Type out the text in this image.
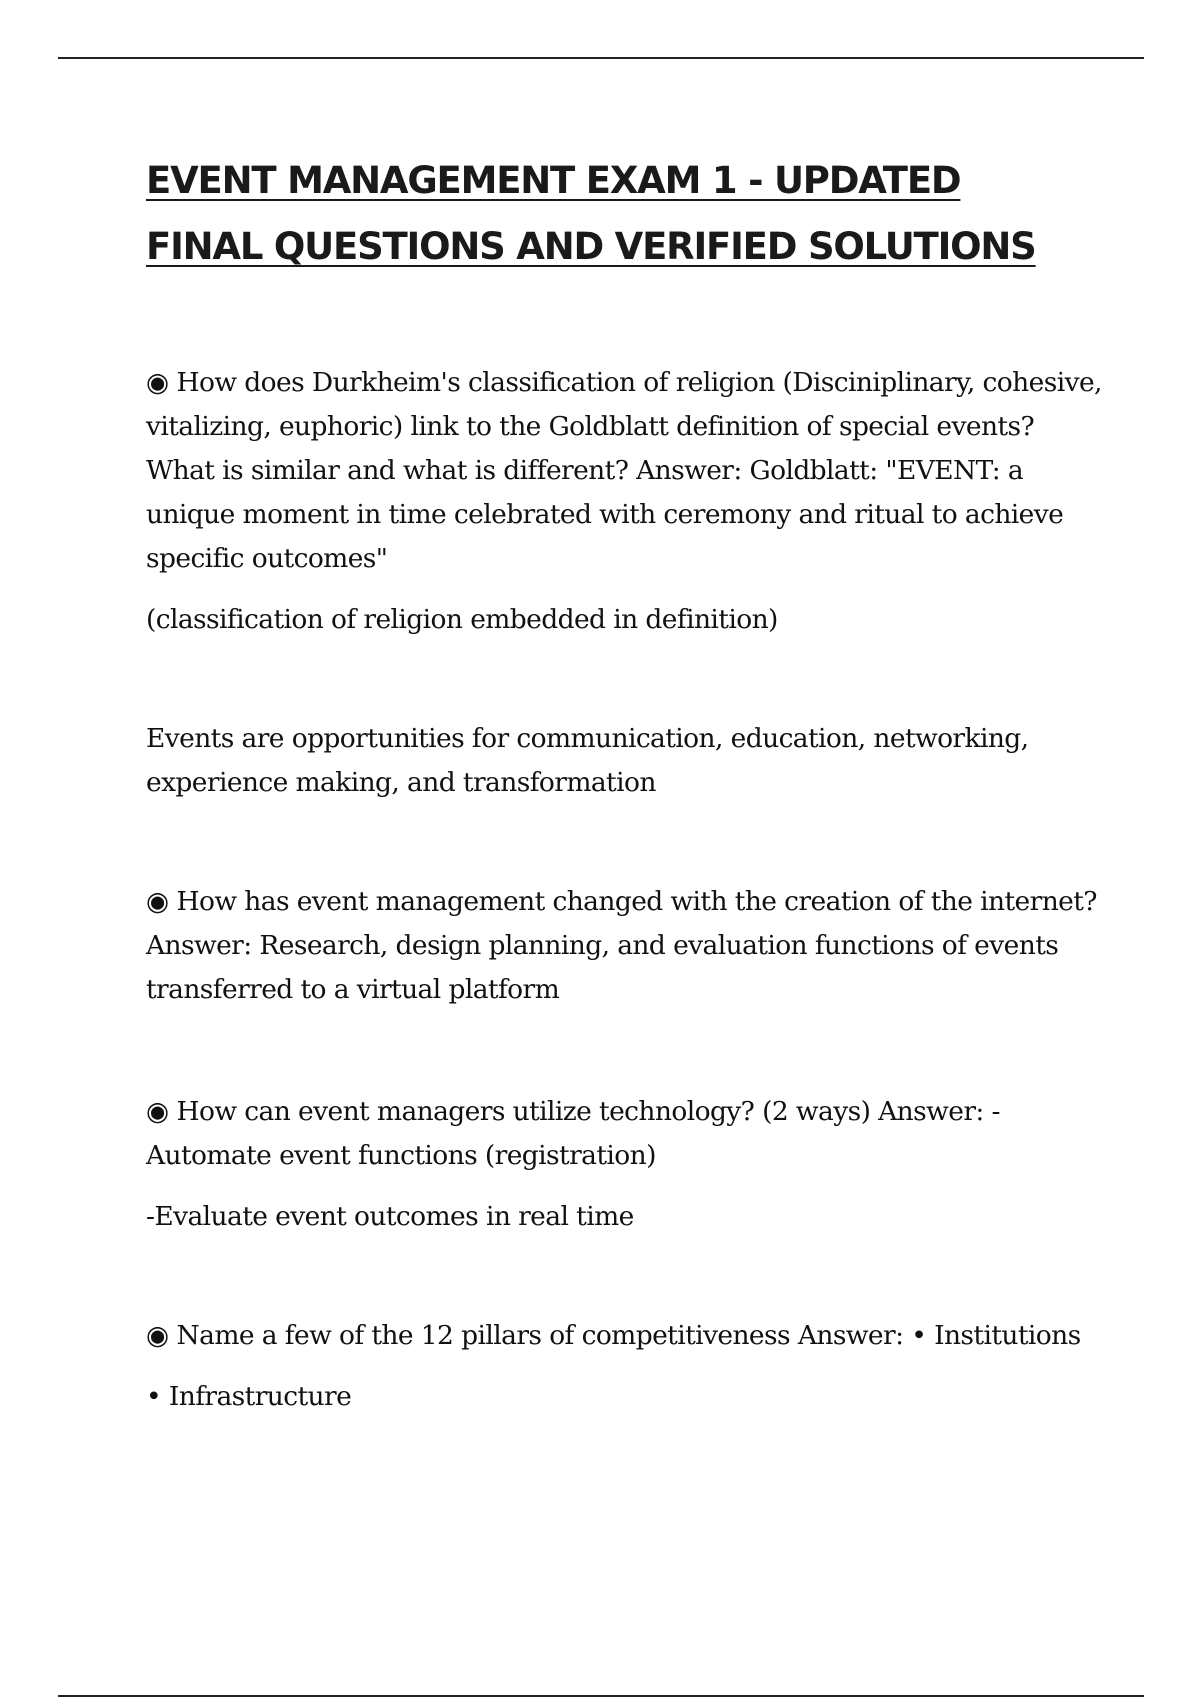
EVENT MANAGEMENT EXAM 1 - UPDATED
FINAL QUESTIONS AND VERIFIED SOLUTIONS

◉ How does Durkheim's classification of religion (Disciniplinary, cohesive, vitalizing, euphoric) link to the Goldblatt definition of special events? What is similar and what is different? Answer: Goldblatt: "EVENT: a unique moment in time celebrated with ceremony and ritual to achieve specific outcomes"

(classification of religion embedded in definition)

Events are opportunities for communication, education, networking, experience making, and transformation

◉ How has event management changed with the creation of the internet? Answer: Research, design planning, and evaluation functions of events transferred to a virtual platform

◉ How can event managers utilize technology? (2 ways) Answer: - Automate event functions (registration)

-Evaluate event outcomes in real time

◉ Name a few of the 12 pillars of competitiveness Answer: • Institutions

• Infrastructure
